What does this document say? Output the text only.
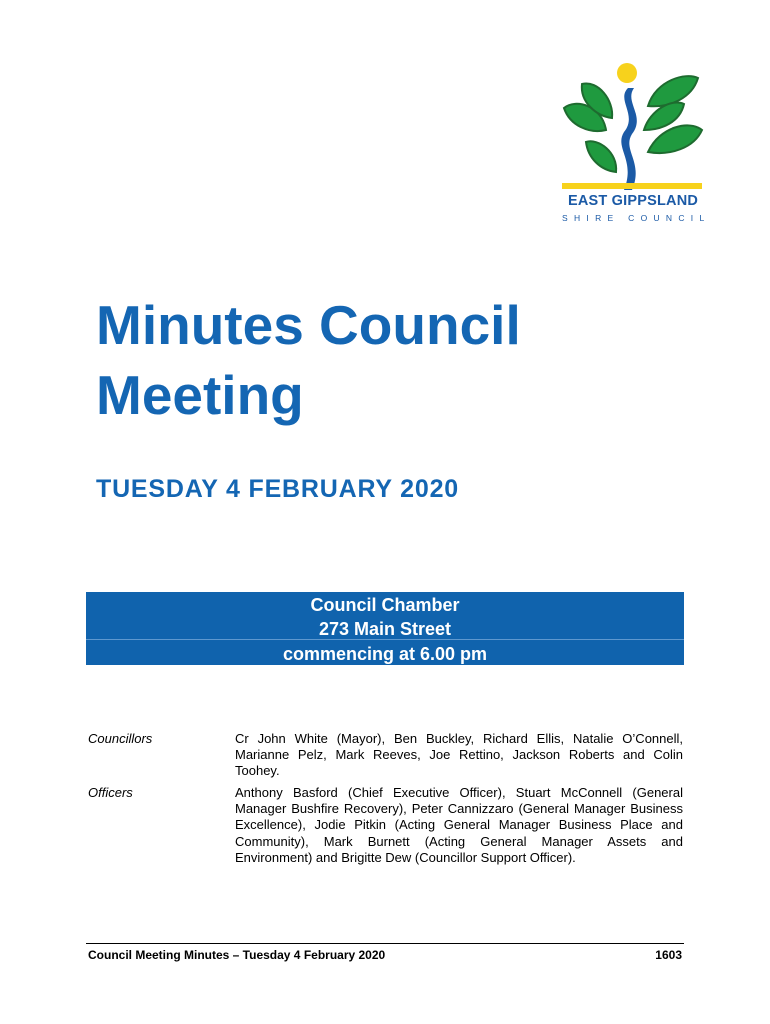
EAST GIPPSLAND
SHIRE COUNCIL
Minutes Council
Meeting
TUESDAY 4 FEBRUARY 2020
Council Chamber
273 Main Street
commencing at 6.00 pm
Councillors	Cr John White (Mayor), Ben Buckley, Richard Ellis, Natalie O’Connell, Marianne Pelz, Mark Reeves, Joe Rettino, Jackson Roberts and Colin Toohey.

Officers	Anthony Basford (Chief Executive Officer), Stuart McConnell (General Manager Bushfire Recovery), Peter Cannizzaro (General Manager Business Excellence), Jodie Pitkin (Acting General Manager Business Place and Community), Mark Burnett (Acting General Manager Assets and Environment) and Brigitte Dew (Councillor Support Officer).

Council Meeting Minutes – Tuesday 4 February 2020	1603
